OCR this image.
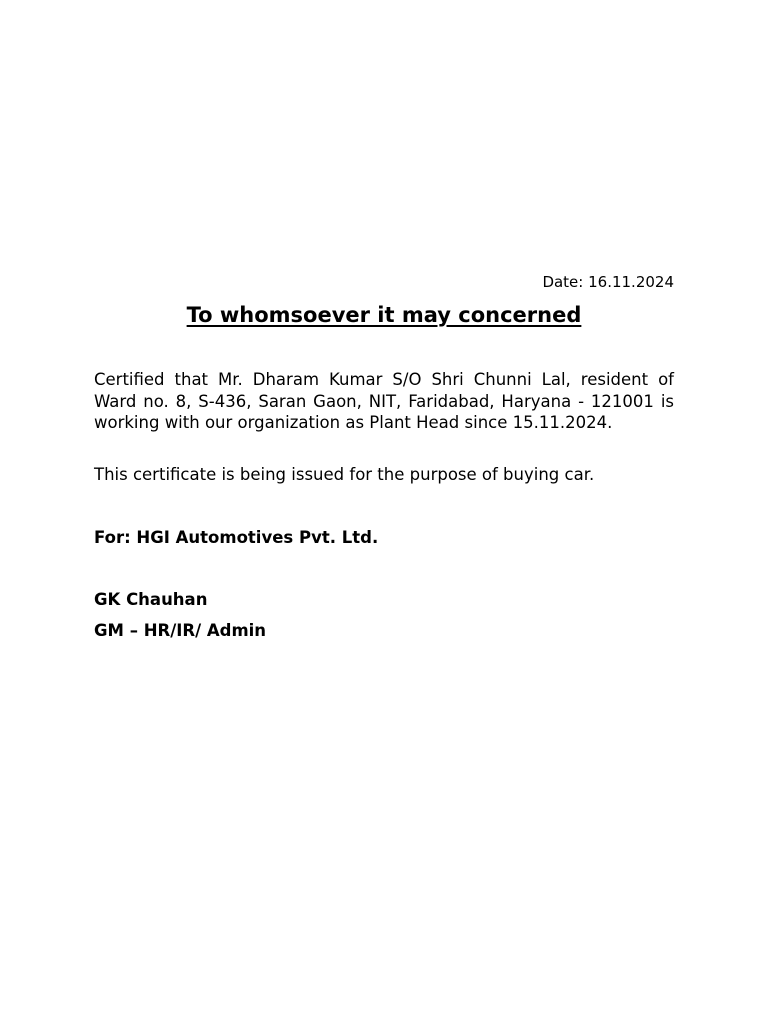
Date: 16.11.2024
To whomsoever it may concerned

Certified that Mr. Dharam Kumar S/O Shri Chunni Lal, resident of Ward no. 8, S-436, Saran Gaon, NIT, Faridabad, Haryana - 121001 is working with our organization as Plant Head since 15.11.2024.

This certificate is being issued for the purpose of buying car.

For: HGI Automotives Pvt. Ltd.

GK Chauhan

GM – HR/IR/ Admin
